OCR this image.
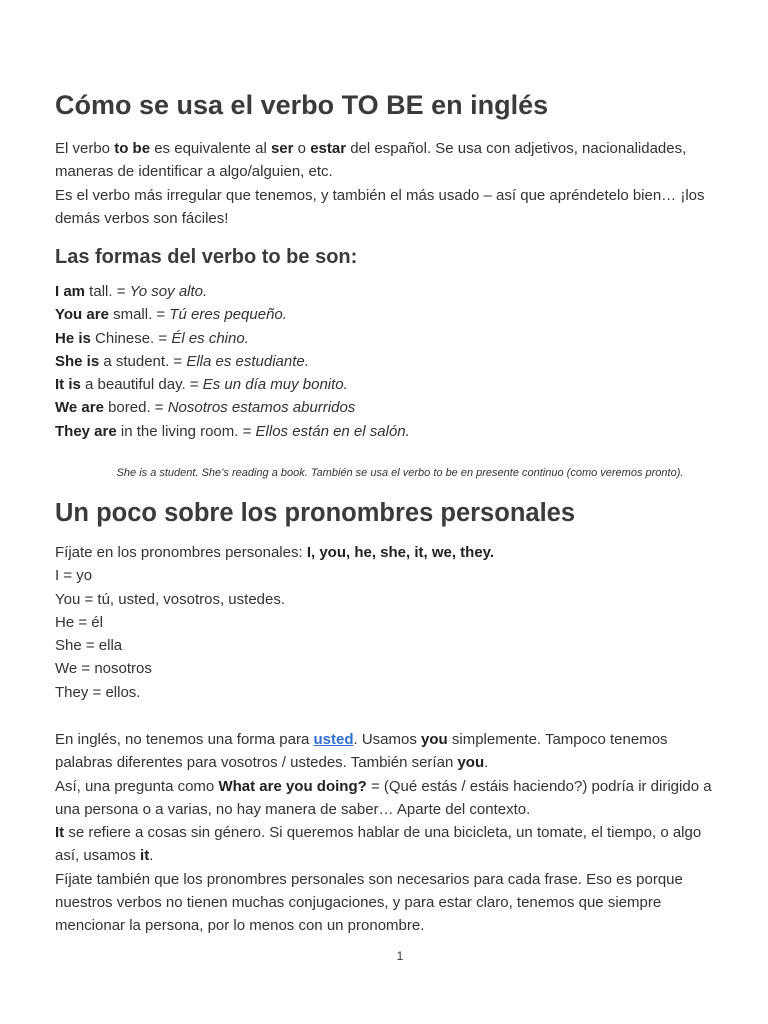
Cómo se usa el verbo TO BE en inglés

El verbo to be es equivalente al ser o estar del español. Se usa con adjetivos, nacionalidades,
maneras de identificar a algo/alguien, etc.
Es el verbo más irregular que tenemos, y también el más usado – así que apréndetelo bien… ¡los
demás verbos son fáciles!

Las formas del verbo to be son:

I am tall. = Yo soy alto.
You are small. = Tú eres pequeño.
He is Chinese. = Él es chino.
She is a student. = Ella es estudiante.
It is a beautiful day. = Es un día muy bonito.
We are bored. = Nosotros estamos aburridos
They are in the living room. = Ellos están en el salón.

She is a student. She’s reading a book. También se usa el verbo to be en presente continuo (como veremos pronto).
Un poco sobre los pronombres personales

Fíjate en los pronombres personales: I, you, he, she, it, we, they.
I = yo
You = tú, usted, vosotros, ustedes.
He = él
She = ella
We = nosotros
They = ellos.

En inglés, no tenemos una forma para usted. Usamos you simplemente. Tampoco tenemos
palabras diferentes para vosotros / ustedes. También serían you.
Así, una pregunta como What are you doing? = (Qué estás / estáis haciendo?) podría ir dirigido a
una persona o a varias, no hay manera de saber… Aparte del contexto.
It se refiere a cosas sin género. Si queremos hablar de una bicicleta, un tomate, el tiempo, o algo
así, usamos it.
Fíjate también que los pronombres personales son necesarios para cada frase. Eso es porque
nuestros verbos no tienen muchas conjugaciones, y para estar claro, tenemos que siempre
mencionar la persona, por lo menos con un pronombre.

1
